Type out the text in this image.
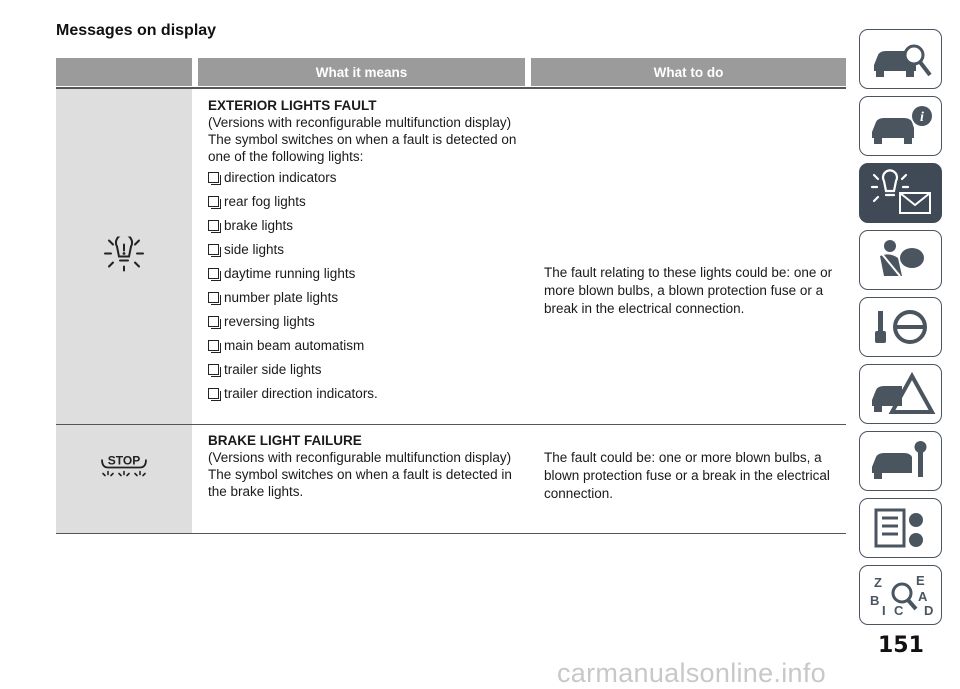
Messages on display
What it means	What to do
EXTERIOR LIGHTS FAULT
(Versions with reconfigurable multifunction display)
The symbol switches on when a fault is detected on one of the following lights:
direction indicators
rear fog lights
brake lights
side lights
daytime running lights
number plate lights
reversing lights
main beam automatism
trailer side lights
trailer direction indicators.
The fault relating to these lights could be: one or more blown bulbs, a blown protection fuse or a break in the electrical connection.
STOP
BRAKE LIGHT FAILURE
(Versions with reconfigurable multifunction display)
The symbol switches on when a fault is detected in the brake lights.
The fault could be: one or more blown bulbs, a blown protection fuse or a break in the electrical connection.
i
Z
B
I C
E
A
D
151
carmanualsonline.info
